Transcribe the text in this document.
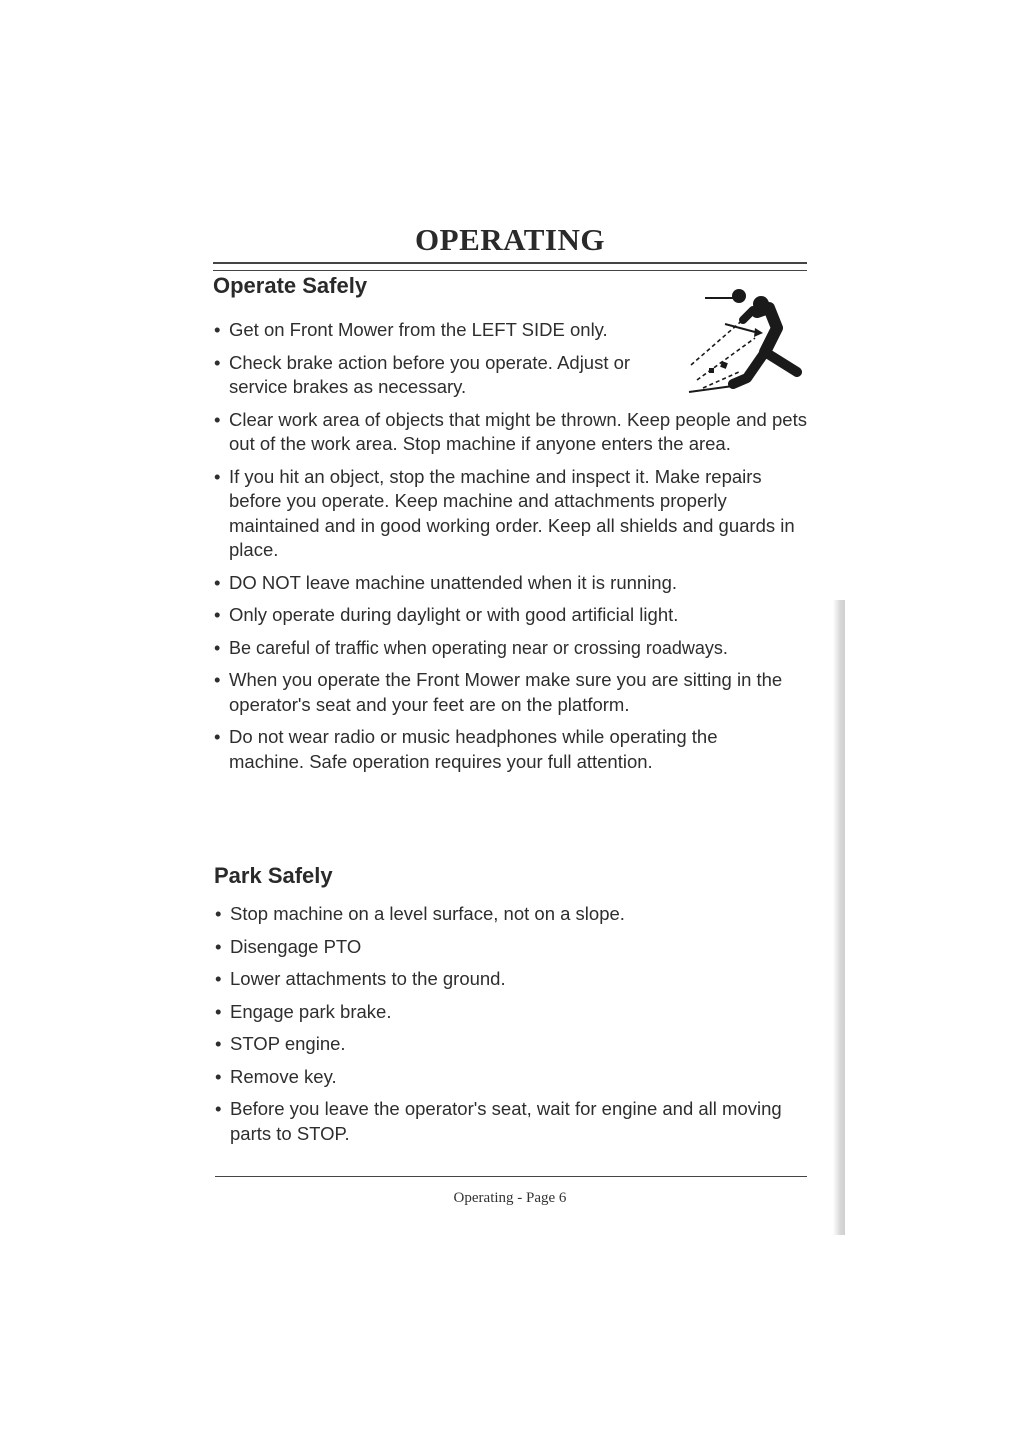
OPERATING
Operate Safely
• Get on Front Mower from the LEFT SIDE only.
• Check brake action before you operate. Adjust or service brakes as necessary.
• Clear work area of objects that might be thrown. Keep people and pets out of the work area. Stop machine if anyone enters the area.
• If you hit an object, stop the machine and inspect it. Make repairs before you operate. Keep machine and attachments properly maintained and in good working order. Keep all shields and guards in place.
• DO NOT leave machine unattended when it is running.
• Only operate during daylight or with good artificial light.
• Be careful of traffic when operating near or crossing roadways.
• When you operate the Front Mower make sure you are sitting in the operator's seat and your feet are on the platform.
• Do not wear radio or music headphones while operating the machine. Safe operation requires your full attention.
Park Safely
• Stop machine on a level surface, not on a slope.
• Disengage PTO
• Lower attachments to the ground.
• Engage park brake.
• STOP engine.
• Remove key.
• Before you leave the operator's seat, wait for engine and all moving parts to STOP.
Operating - Page 6
